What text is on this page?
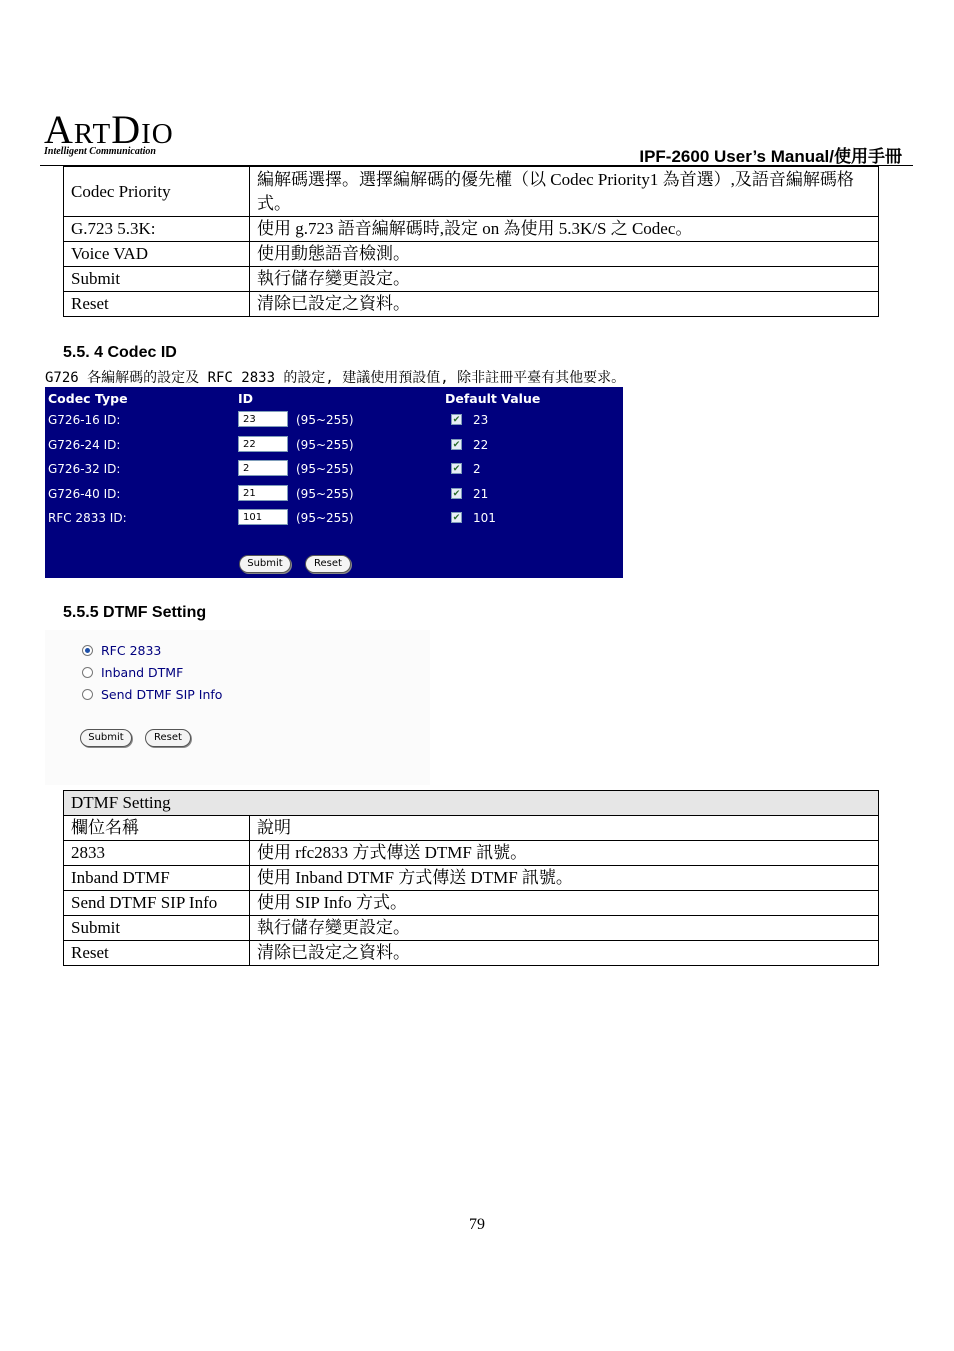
ARTDIO
Intelligent Communication	IPF-2600 User’s Manual/使用手冊
Codec Priority	編解碼選擇。選擇編解碼的優先權（以 Codec Priority1 為首選）,及語音編解碼格式。
G.723 5.3K:	使用 g.723 語音編解碼時,設定 on 為使用 5.3K/S 之 Codec。
Voice VAD	使用動態語音檢測。
Submit	執行儲存變更設定。
Reset	清除已設定之資料。
5.5. 4 Codec ID
G726 各編解碼的設定及 RFC 2833 的設定, 建議使用預設值, 除非註冊平臺有其他要求。
Codec Type	ID	Default Value
G726-16 ID:	23	(95~255)	✔ 23
G726-24 ID:	22	(95~255)	✔ 22
G726-32 ID:	2	(95~255)	✔ 2
G726-40 ID:	21	(95~255)	✔ 21
RFC 2833 ID:	101	(95~255)	✔ 101
Submit	Reset
5.5.5 DTMF Setting
RFC 2833
Inband DTMF
Send DTMF SIP Info
Submit	Reset
DTMF Setting	
欄位名稱	說明
2833	使用 rfc2833 方式傳送 DTMF 訊號。
Inband DTMF	使用 Inband DTMF 方式傳送 DTMF 訊號。
Send DTMF SIP Info	使用 SIP Info 方式。
Submit	執行儲存變更設定。
Reset	清除已設定之資料。
79
